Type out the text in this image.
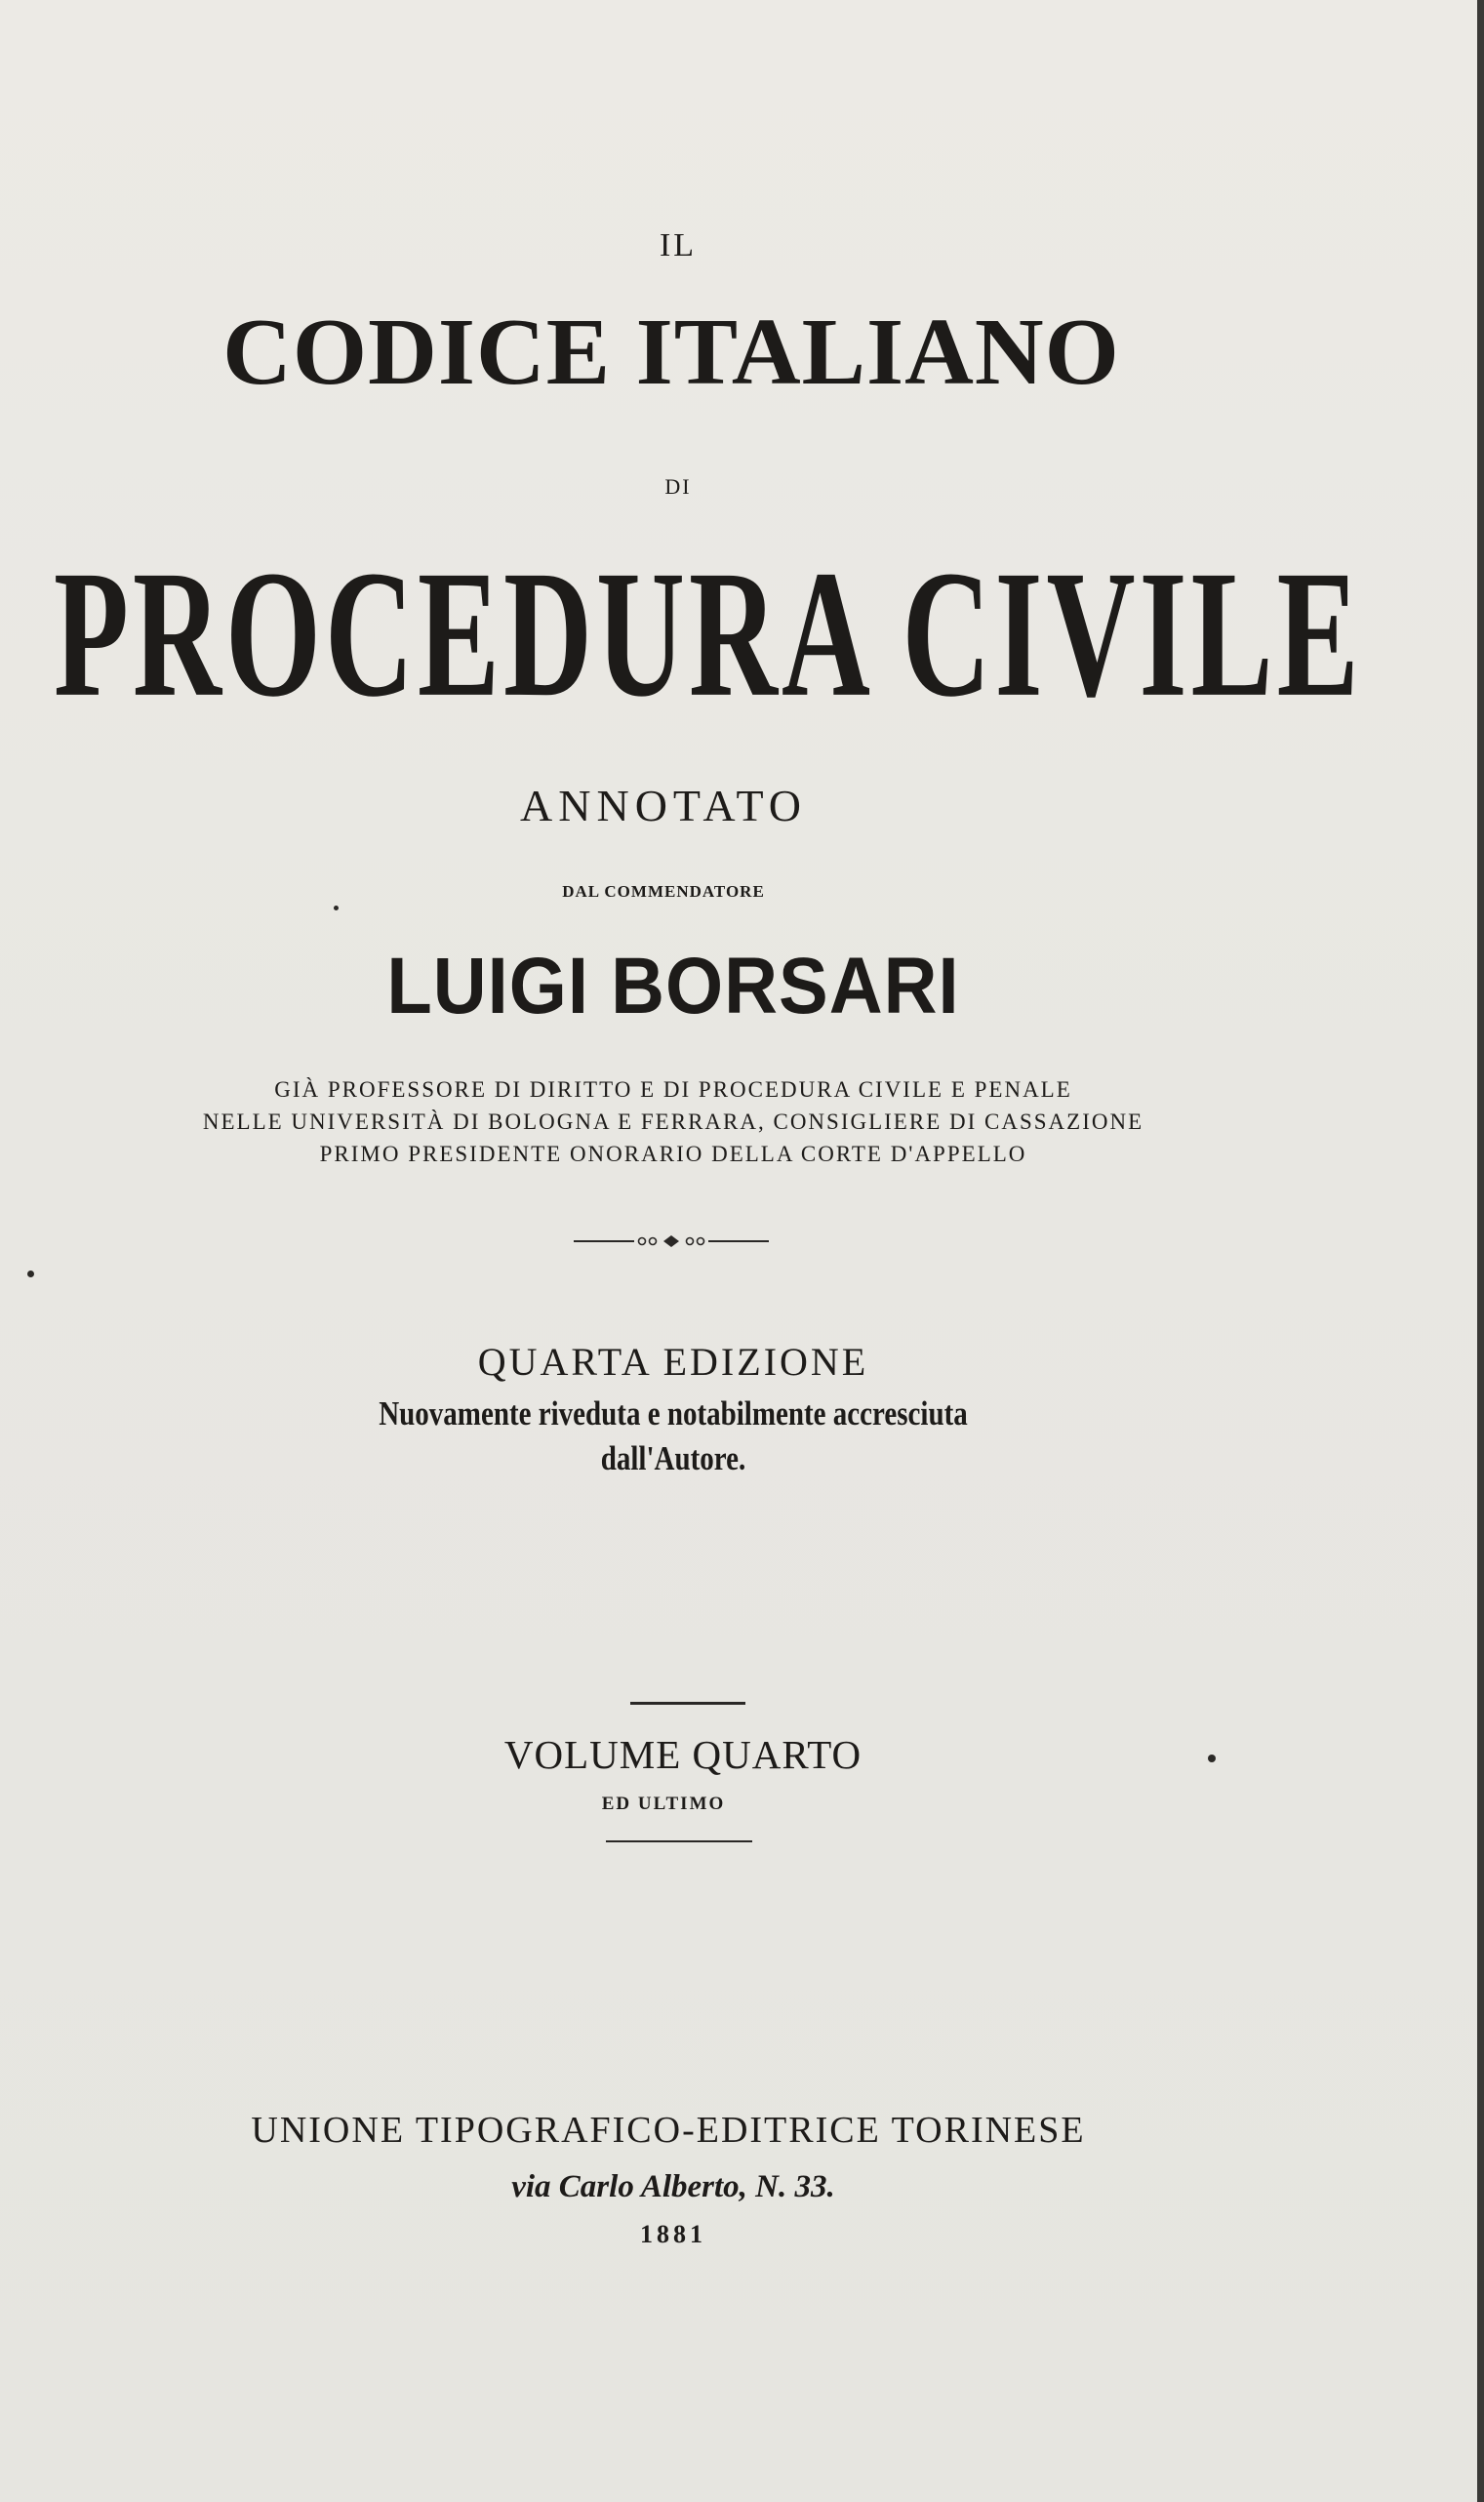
IL

CODICE ITALIANO

DI

PROCEDURA CIVILE

ANNOTATO

DAL COMMENDATORE

LUIGI BORSARI

GIÀ PROFESSORE DI DIRITTO E DI PROCEDURA CIVILE E PENALE

NELLE UNIVERSITÀ DI BOLOGNA E FERRARA, CONSIGLIERE DI CASSAZIONE

PRIMO PRESIDENTE ONORARIO DELLA CORTE D'APPELLO

QUARTA EDIZIONE

Nuovamente riveduta e notabilmente accresciuta

dall'Autore.

VOLUME QUARTO

ED ULTIMO

UNIONE TIPOGRAFICO-EDITRICE TORINESE

via Carlo Alberto, N. 33.

1881
